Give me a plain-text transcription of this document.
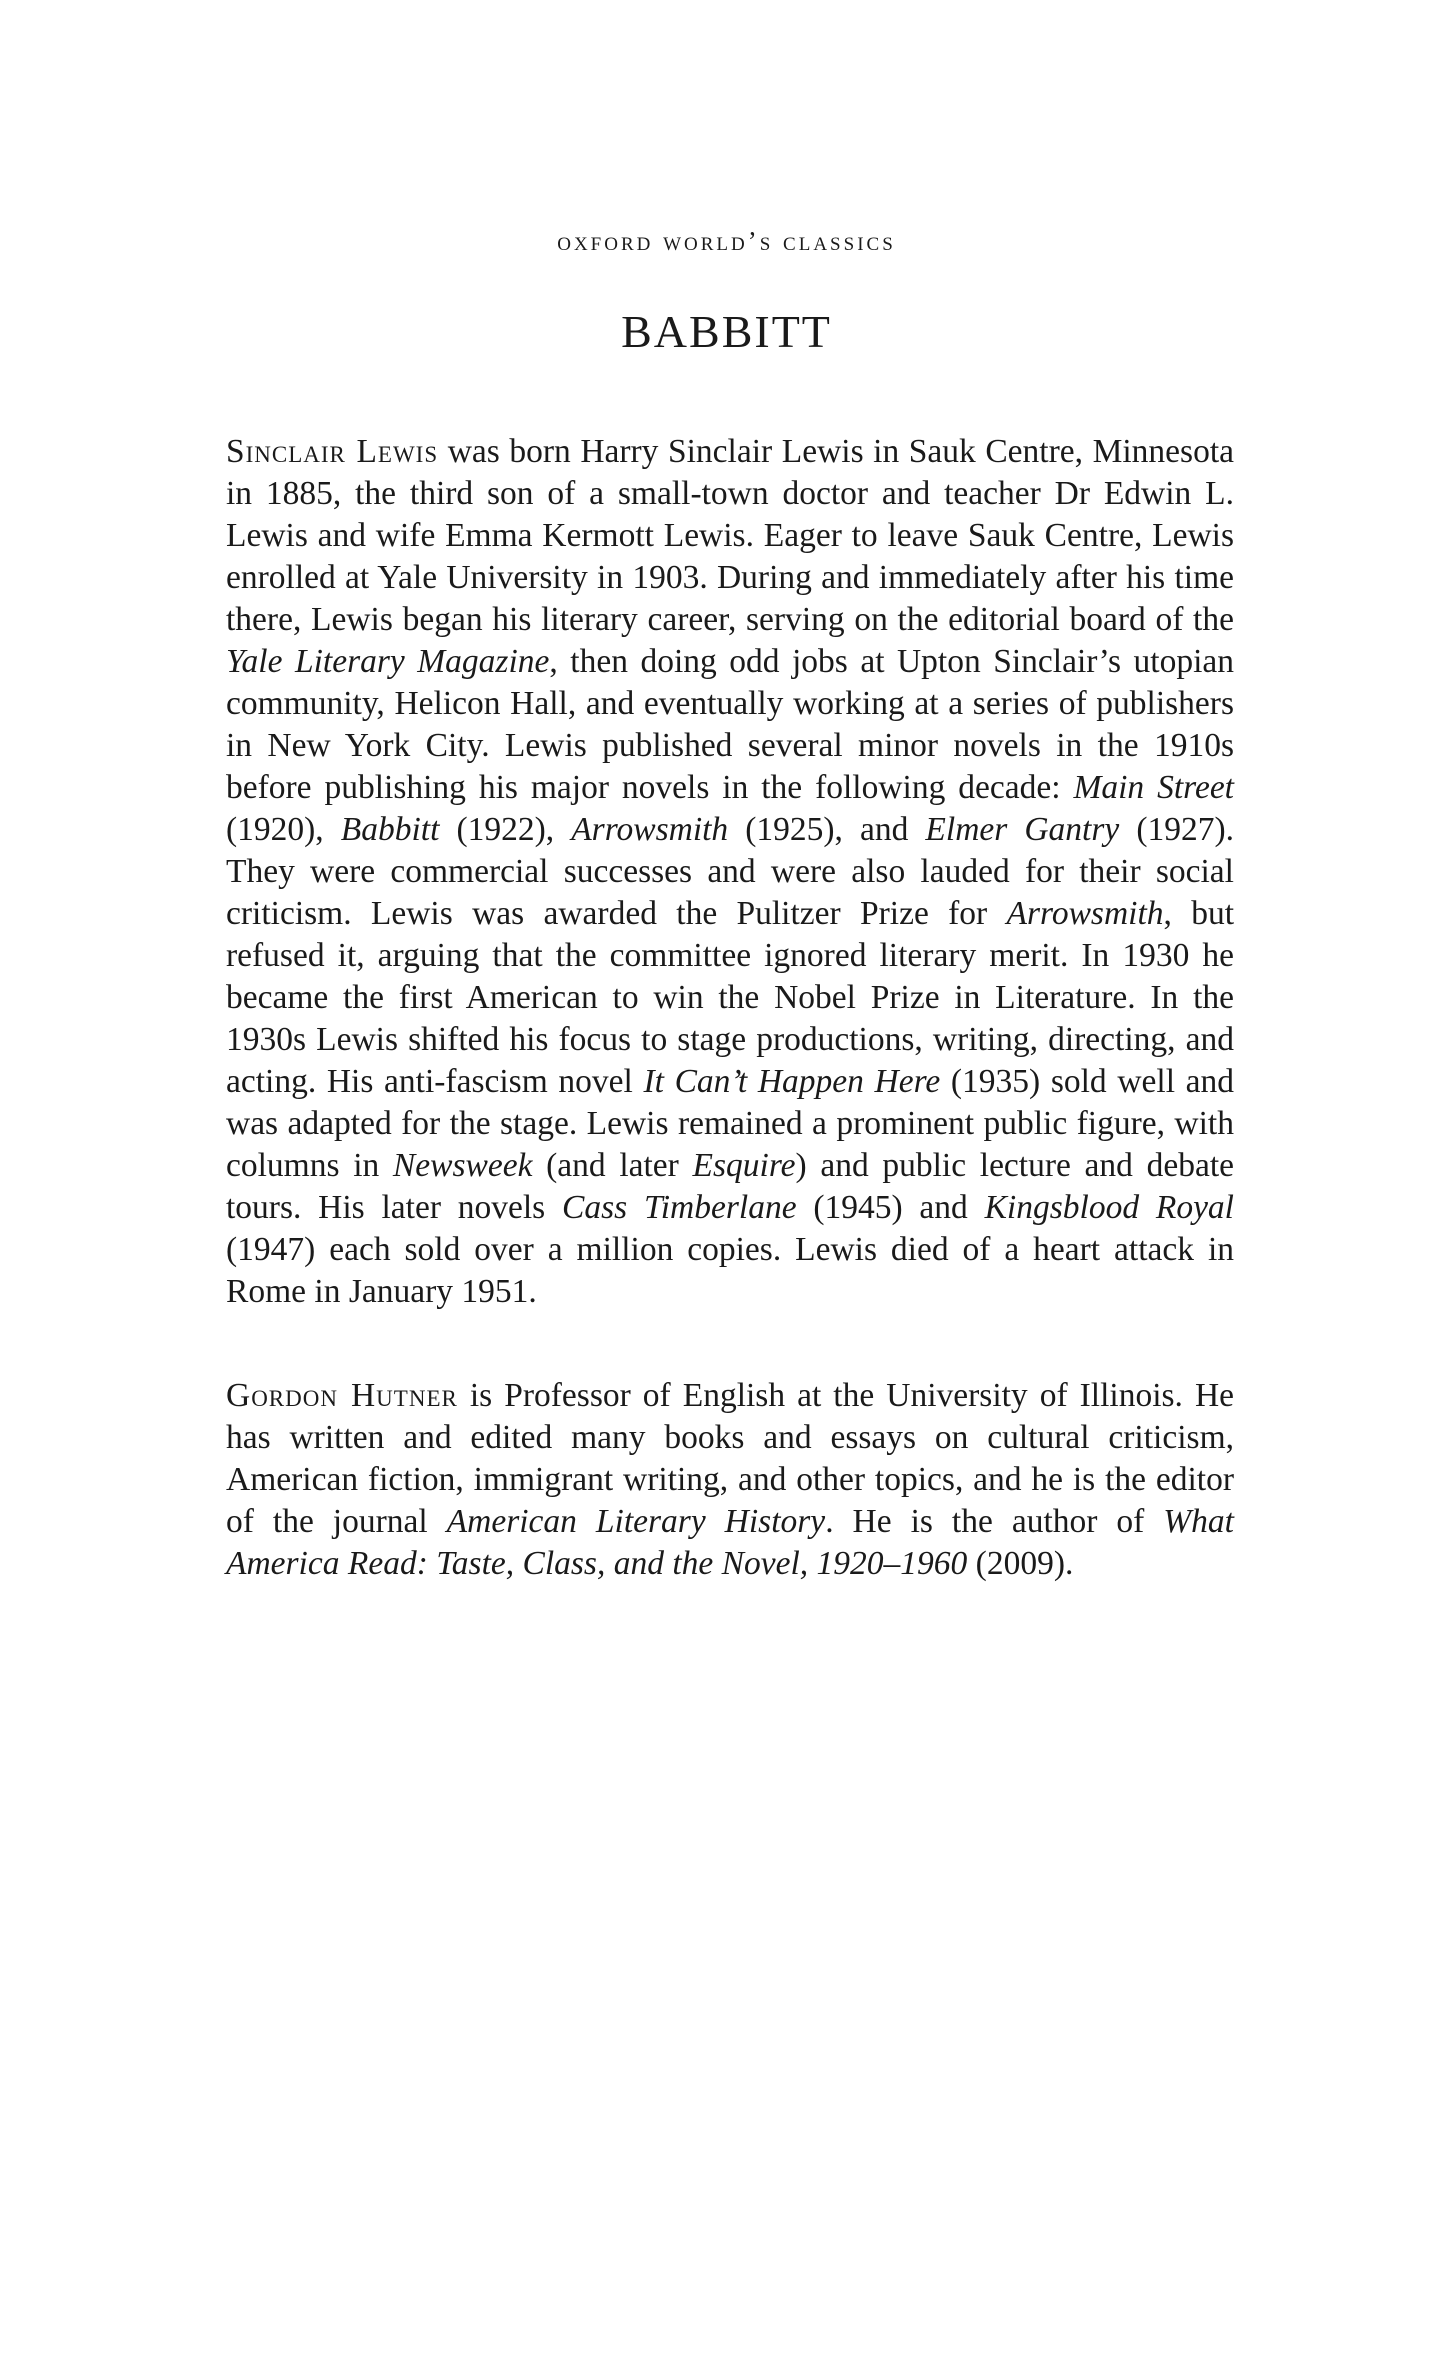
oxford world’s classics

BABBITT

Sinclair Lewis was born Harry Sinclair Lewis in Sauk Centre, Minnesota in 1885, the third son of a small-town doctor and teacher Dr Edwin L. Lewis and wife Emma Kermott Lewis. Eager to leave Sauk Centre, Lewis enrolled at Yale University in 1903. During and immediately after his time there, Lewis began his literary career, serving on the editorial board of the Yale Literary Magazine, then doing odd jobs at Upton Sinclair’s utopian community, Helicon Hall, and eventually working at a series of publishers in New York City. Lewis published several minor novels in the 1910s before publishing his major novels in the following decade: Main Street (1920), Babbitt (1922), Arrowsmith (1925), and Elmer Gantry (1927). They were commercial successes and were also lauded for their social criticism. Lewis was awarded the Pulitzer Prize for Arrowsmith, but refused it, arguing that the committee ignored literary merit. In 1930 he became the first American to win the Nobel Prize in Literature. In the 1930s Lewis shifted his focus to stage productions, writing, directing, and acting. His anti-fascism novel It Can’t Happen Here (1935) sold well and was adapted for the stage. Lewis remained a prominent public figure, with columns in Newsweek (and later Esquire) and public lecture and debate tours. His later novels Cass Timberlane (1945) and Kingsblood Royal (1947) each sold over a million copies. Lewis died of a heart attack in Rome in January 1951.

Gordon Hutner is Professor of English at the University of Illinois. He has written and edited many books and essays on cultural criticism, American fiction, immigrant writing, and other topics, and he is the editor of the journal American Literary History. He is the author of What America Read: Taste, Class, and the Novel, 1920–1960 (2009).
